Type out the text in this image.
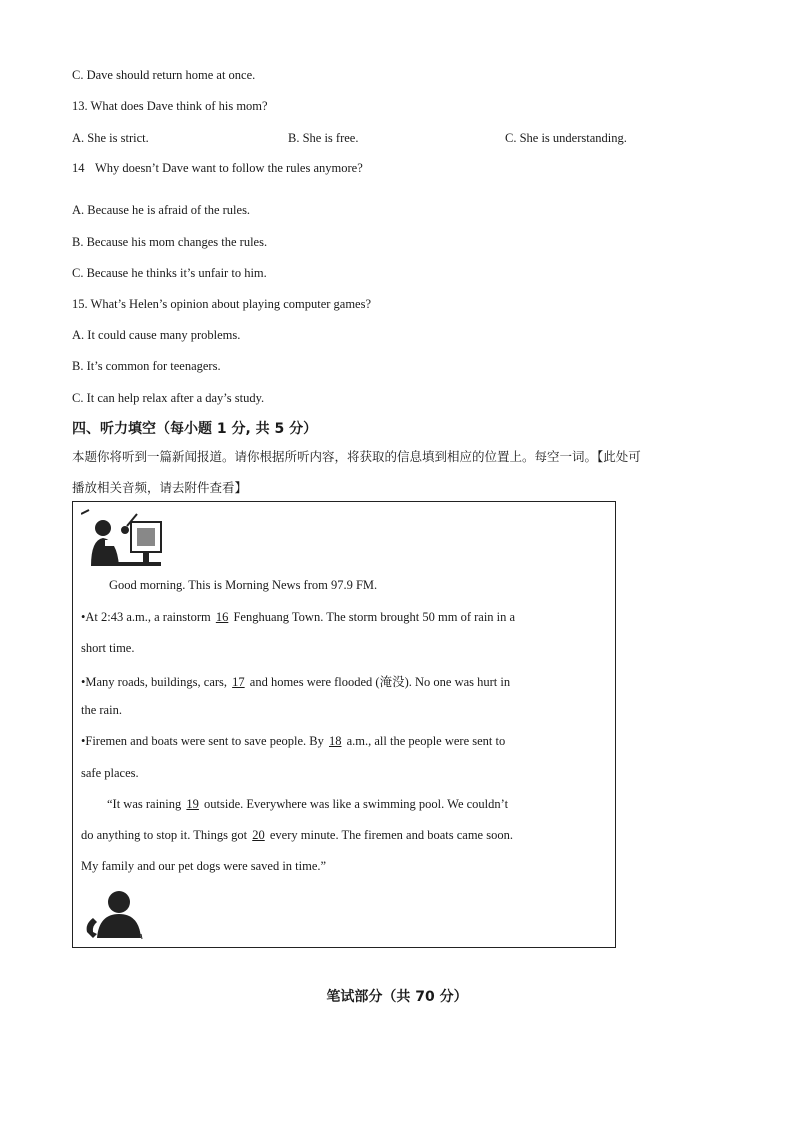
C. Dave should return home at once.
13. What does Dave think of his mom?
A. She is strict.	B. She is free.	C. She is understanding.
14 Why doesn’t Dave want to follow the rules anymore?
A. Because he is afraid of the rules.
B. Because his mom changes the rules.
C. Because he thinks it’s unfair to him.
15. What’s Helen’s opinion about playing computer games?
A. It could cause many problems.
B. It’s common for teenagers.
C. It can help relax after a day’s study.
四、听力填空（每小题 1 分, 共 5 分）
本题你将听到一篇新闻报道。请你根据所听内容，将获取的信息填到相应的位置上。每空一词。【此处可
播放相关音频，请去附件查看】
Good morning. This is Morning News from 97.9 FM.
•At 2:43 a.m., a rainstorm 16 Fenghuang Town. The storm brought 50 mm of rain in a
short time.
•Many roads, buildings, cars, 17 and homes were flooded (淹没). No one was hurt in
the rain.
•Firemen and boats were sent to save people. By 18 a.m., all the people were sent to
safe places.
“It was raining 19 outside. Everywhere was like a swimming pool. We couldn’t
do anything to stop it. Things got 20 every minute. The firemen and boats came soon.
My family and our pet dogs were saved in time.”
笔试部分（共 70 分）
